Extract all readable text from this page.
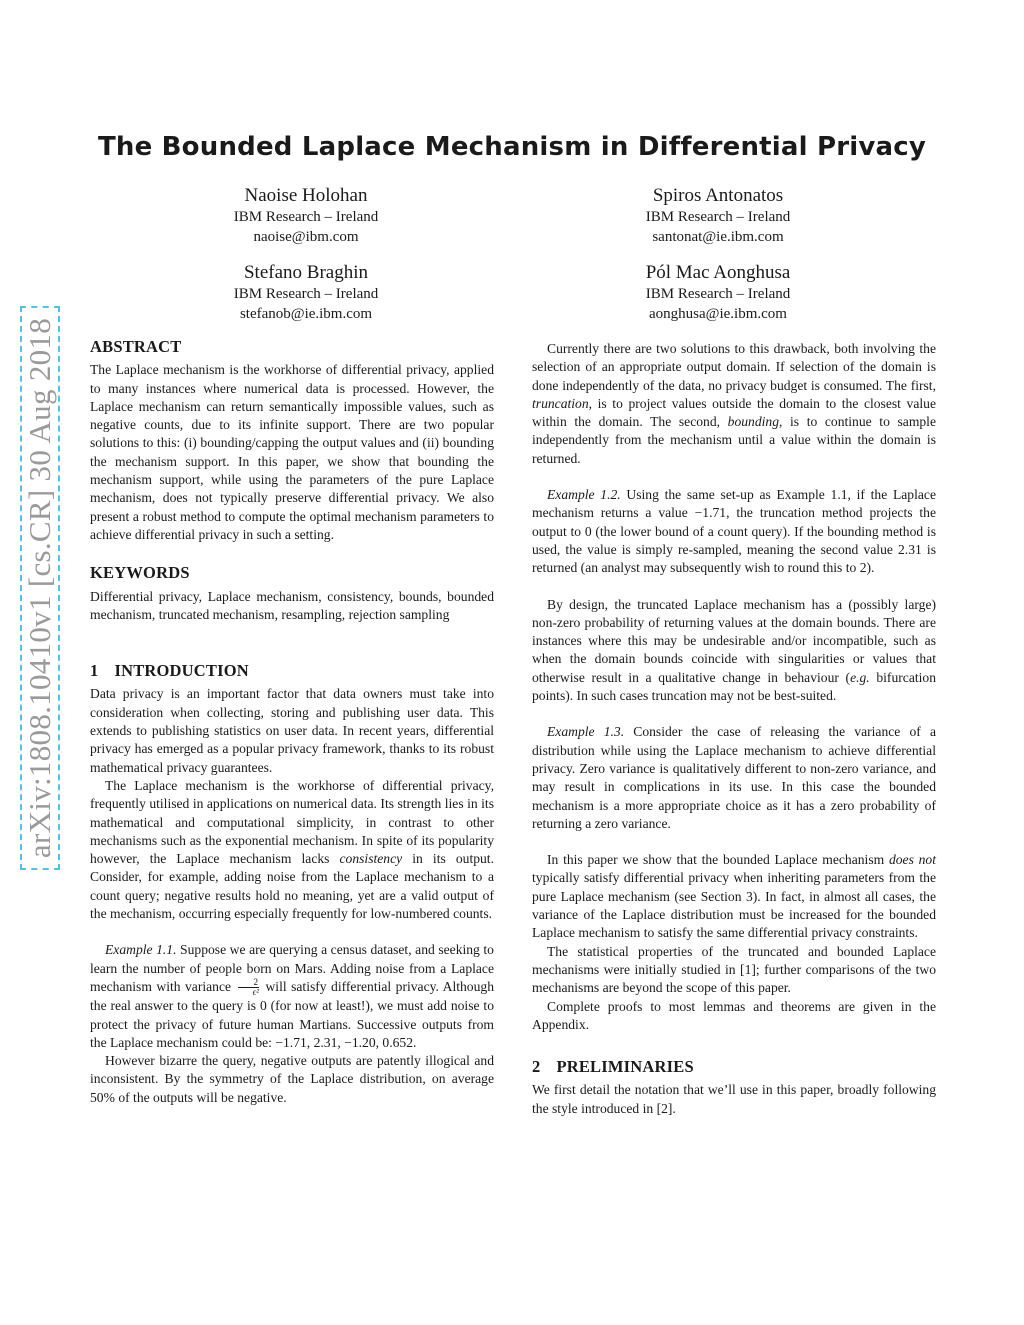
arXiv:1808.10410v1 [cs.CR] 30 Aug 2018
The Bounded Laplace Mechanism in Differential Privacy
Naoise Holohan
IBM Research – Ireland
naoise@ibm.com
Spiros Antonatos
IBM Research – Ireland
santonat@ie.ibm.com
Stefano Braghin
IBM Research – Ireland
stefanob@ie.ibm.com
Pól Mac Aonghusa
IBM Research – Ireland
aonghusa@ie.ibm.com
ABSTRACT

The Laplace mechanism is the workhorse of differential privacy, applied to many instances where numerical data is processed. However, the Laplace mechanism can return semantically impossible values, such as negative counts, due to its infinite support. There are two popular solutions to this: (i) bounding/capping the output values and (ii) bounding the mechanism support. In this paper, we show that bounding the mechanism support, while using the parameters of the pure Laplace mechanism, does not typically preserve differential privacy. We also present a robust method to compute the optimal mechanism parameters to achieve differential privacy in such a setting.

KEYWORDS

Differential privacy, Laplace mechanism, consistency, bounds, bounded mechanism, truncated mechanism, resampling, rejection sampling

1 INTRODUCTION

Data privacy is an important factor that data owners must take into consideration when collecting, storing and publishing user data. This extends to publishing statistics on user data. In recent years, differential privacy has emerged as a popular privacy framework, thanks to its robust mathematical privacy guarantees.

The Laplace mechanism is the workhorse of differential privacy, frequently utilised in applications on numerical data. Its strength lies in its mathematical and computational simplicity, in contrast to other mechanisms such as the exponential mechanism. In spite of its popularity however, the Laplace mechanism lacks consistency in its output. Consider, for example, adding noise from the Laplace mechanism to a count query; negative results hold no meaning, yet are a valid output of the mechanism, occurring especially frequently for low-numbered counts.

Example 1.1. Suppose we are querying a census dataset, and seeking to learn the number of people born on Mars. Adding noise from a Laplace mechanism with variance $\frac{2}{\text{ϵ²}}$ will satisfy differential privacy. Although the real answer to the query is 0 (for now at least!), we must add noise to protect the privacy of future human Martians. Successive outputs from the Laplace mechanism could be: −1.71, 2.31, −1.20, 0.652.

However bizarre the query, negative outputs are patently illogical and inconsistent. By the symmetry of the Laplace distribution, on average 50% of the outputs will be negative.

Currently there are two solutions to this drawback, both involving the selection of an appropriate output domain. If selection of the domain is done independently of the data, no privacy budget is consumed. The first, truncation, is to project values outside the domain to the closest value within the domain. The second, bounding, is to continue to sample independently from the mechanism until a value within the domain is returned.

Example 1.2. Using the same set-up as Example 1.1, if the Laplace mechanism returns a value −1.71, the truncation method projects the output to 0 (the lower bound of a count query). If the bounding method is used, the value is simply re-sampled, meaning the second value 2.31 is returned (an analyst may subsequently wish to round this to 2).

By design, the truncated Laplace mechanism has a (possibly large) non-zero probability of returning values at the domain bounds. There are instances where this may be undesirable and/or incompatible, such as when the domain bounds coincide with singularities or values that otherwise result in a qualitative change in behaviour (e.g. bifurcation points). In such cases truncation may not be best-suited.

Example 1.3. Consider the case of releasing the variance of a distribution while using the Laplace mechanism to achieve differential privacy. Zero variance is qualitatively different to non-zero variance, and may result in complications in its use. In this case the bounded mechanism is a more appropriate choice as it has a zero probability of returning a zero variance.

In this paper we show that the bounded Laplace mechanism does not typically satisfy differential privacy when inheriting parameters from the pure Laplace mechanism (see Section 3). In fact, in almost all cases, the variance of the Laplace distribution must be increased for the bounded Laplace mechanism to satisfy the same differential privacy constraints.

The statistical properties of the truncated and bounded Laplace mechanisms were initially studied in [1]; further comparisons of the two mechanisms are beyond the scope of this paper.

Complete proofs to most lemmas and theorems are given in the Appendix.

2 PRELIMINARIES

We first detail the notation that we’ll use in this paper, broadly following the style introduced in [2].
